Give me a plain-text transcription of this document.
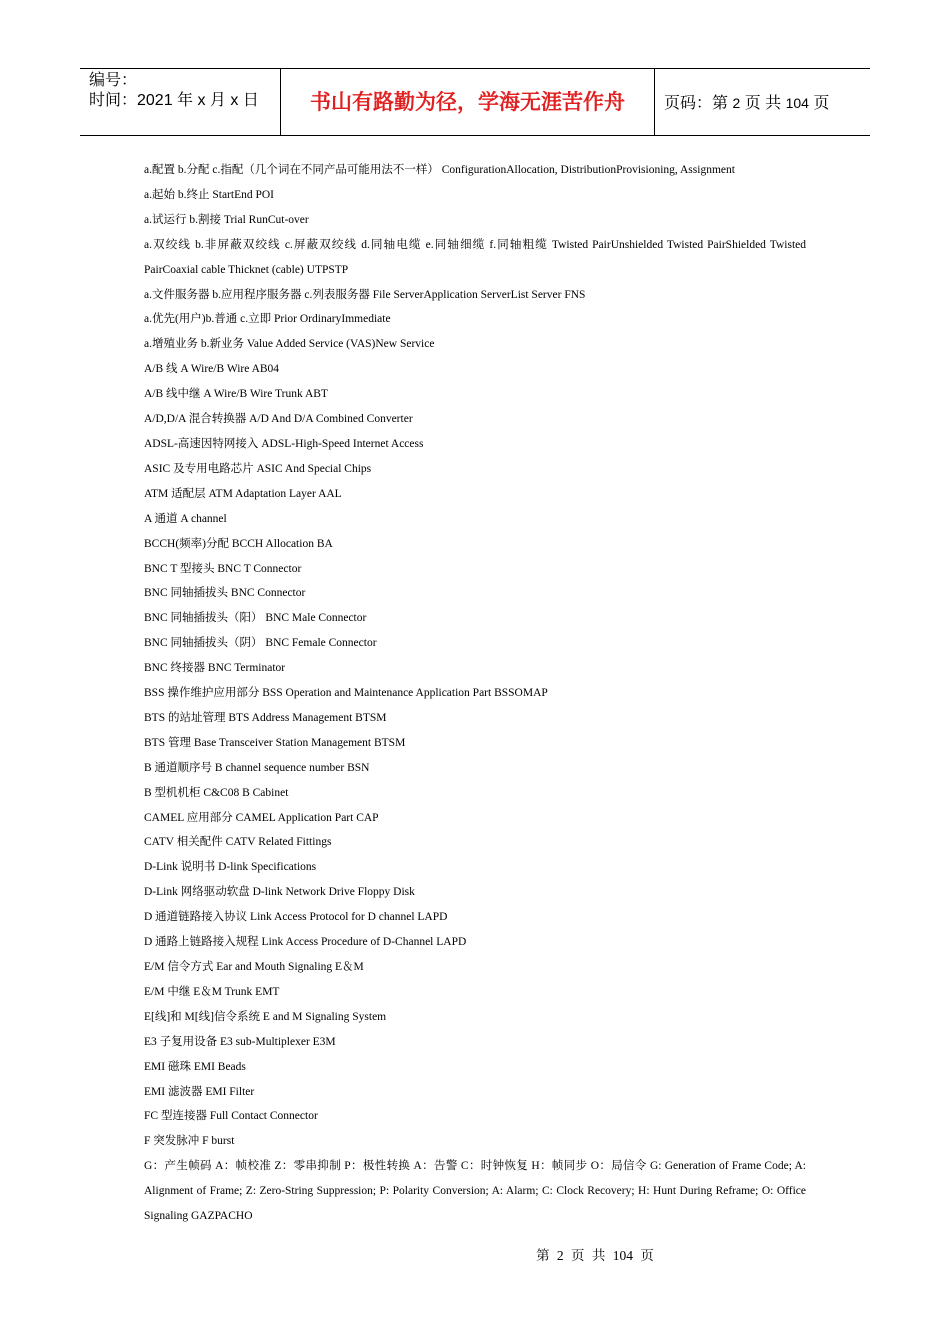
编号：
时间：2021 年 x 月 x 日	书山有路勤为径，学海无涯苦作舟	页码：第 2 页 共 104 页
a.配置 b.分配 c.指配（几个词在不同产品可能用法不一样） ConfigurationAllocation, DistributionProvisioning, Assignment
a.起始 b.终止 StartEnd POI
a.试运行 b.割接 Trial RunCut-over
a.双绞线 b.非屏蔽双绞线 c.屏蔽双绞线 d.同轴电缆 e.同轴细缆 f.同轴粗缆 Twisted PairUnshielded Twisted PairShielded Twisted PairCoaxial cable Thicknet (cable) UTPSTP
a.文件服务器 b.应用程序服务器 c.列表服务器 File ServerApplication ServerList Server FNS
a.优先(用户)b.普通 c.立即 Prior OrdinaryImmediate
a.增殖业务 b.新业务 Value Added Service (VAS)New Service
A/B 线 A Wire/B Wire AB04
A/B 线中继 A Wire/B Wire Trunk ABT
A/D,D/A 混合转换器 A/D And D/A Combined Converter
ADSL-高速因特网接入 ADSL-High-Speed Internet Access
ASIC 及专用电路芯片 ASIC And Special Chips
ATM 适配层 ATM Adaptation Layer AAL
A 通道 A channel
BCCH(频率)分配 BCCH Allocation BA
BNC T 型接头 BNC T Connector
BNC 同轴插拔头 BNC Connector
BNC 同轴插拔头（阳） BNC Male Connector
BNC 同轴插拔头（阴） BNC Female Connector
BNC 终接器 BNC Terminator
BSS 操作维护应用部分 BSS Operation and Maintenance Application Part BSSOMAP
BTS 的站址管理 BTS Address Management BTSM
BTS 管理 Base Transceiver Station Management BTSM
B 通道顺序号 B channel sequence number BSN
B 型机机柜 C&C08 B Cabinet
CAMEL 应用部分 CAMEL Application Part CAP
CATV 相关配件 CATV Related Fittings
D-Link 说明书 D-link Specifications
D-Link 网络驱动软盘 D-link Network Drive Floppy Disk
D 通道链路接入协议 Link Access Protocol for D channel LAPD
D 通路上链路接入规程 Link Access Procedure of D-Channel LAPD
E/M 信令方式 Ear and Mouth Signaling E＆M
E/M 中继 E＆M Trunk EMT
E[线]和 M[线]信令系统 E and M Signaling System
E3 子复用设备 E3 sub-Multiplexer E3M
EMI 磁珠 EMI Beads
EMI 滤波器 EMI Filter
FC 型连接器 Full Contact Connector
F 突发脉冲 F burst
G：产生帧码 A：帧校准 Z：零串抑制 P：极性转换 A：告警 C：时钟恢复 H：帧同步 O：局信令 G: Generation of Frame Code; A: Alignment of Frame; Z: Zero-String Suppression; P: Polarity Conversion; A: Alarm; C: Clock Recovery; H: Hunt During Reframe; O: Office Signaling GAZPACHO
第 2 页 共 104 页
